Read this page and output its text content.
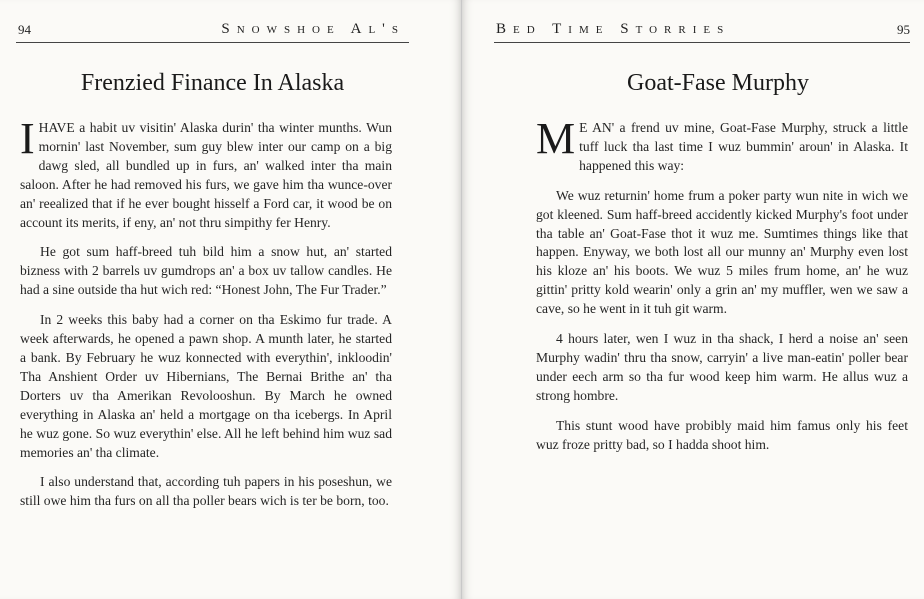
94	Snowshoe Al's
Frenzied Finance In Alaska

IHAVE a habit uv visitin' Alaska durin' tha winter munths. Wun mornin' last November, sum guy blew inter our camp on a big dawg sled, all bundled up in furs, an' walked inter tha main saloon. After he had removed his furs, we gave him tha wunce-over an' reealized that if he ever bought hisself a Ford car, it wood be on account its merits, if eny, an' not thru simpithy fer Henry.

He got sum haff-breed tuh bild him a snow hut, an' started bizness with 2 barrels uv gumdrops an' a box uv tallow candles. He had a sine outside tha hut wich red: “Honest John, The Fur Trader.”

In 2 weeks this baby had a corner on tha Eskimo fur trade. A week afterwards, he opened a pawn shop. A munth later, he started a bank. By February he wuz konnected with everythin', inkloodin' Tha Anshient Order uv Hibernians, The Bernai Brithe an' tha Dorters uv tha Amerikan Revolooshun. By March he owned everything in Alaska an' held a mortgage on tha icebergs. In April he wuz gone. So wuz everythin' else. All he left behind him wuz sad memories an' tha climate.

I also understand that, according tuh papers in his poseshun, we still owe him tha furs on all tha poller bears wich is ter be born, too.

Bed Time Storries	95
Goat-Fase Murphy

M E AN' a frend uv mine, Goat-Fase Murphy, struck a little tuff luck tha last time I wuz bummin' aroun' in Alaska. It happened this way:

We wuz returnin' home frum a poker party wun nite in wich we got kleened. Sum haff-breed accidently kicked Murphy's foot under tha table an' Goat-Fase thot it wuz me. Sumtimes things like that happen. Enyway, we both lost all our munny an' Murphy even lost his kloze an' his boots. We wuz 5 miles frum home, an' he wuz gittin' pritty kold wearin' only a grin an' my muffler, wen we saw a cave, so he went in it tuh git warm.

4 hours later, wen I wuz in tha shack, I herd a noise an' seen Murphy wadin' thru tha snow, carryin' a live man-eatin' poller bear under eech arm so tha fur wood keep him warm. He allus wuz a strong hombre.

This stunt wood have probibly maid him famus only his feet wuz froze pritty bad, so I hadda shoot him.
